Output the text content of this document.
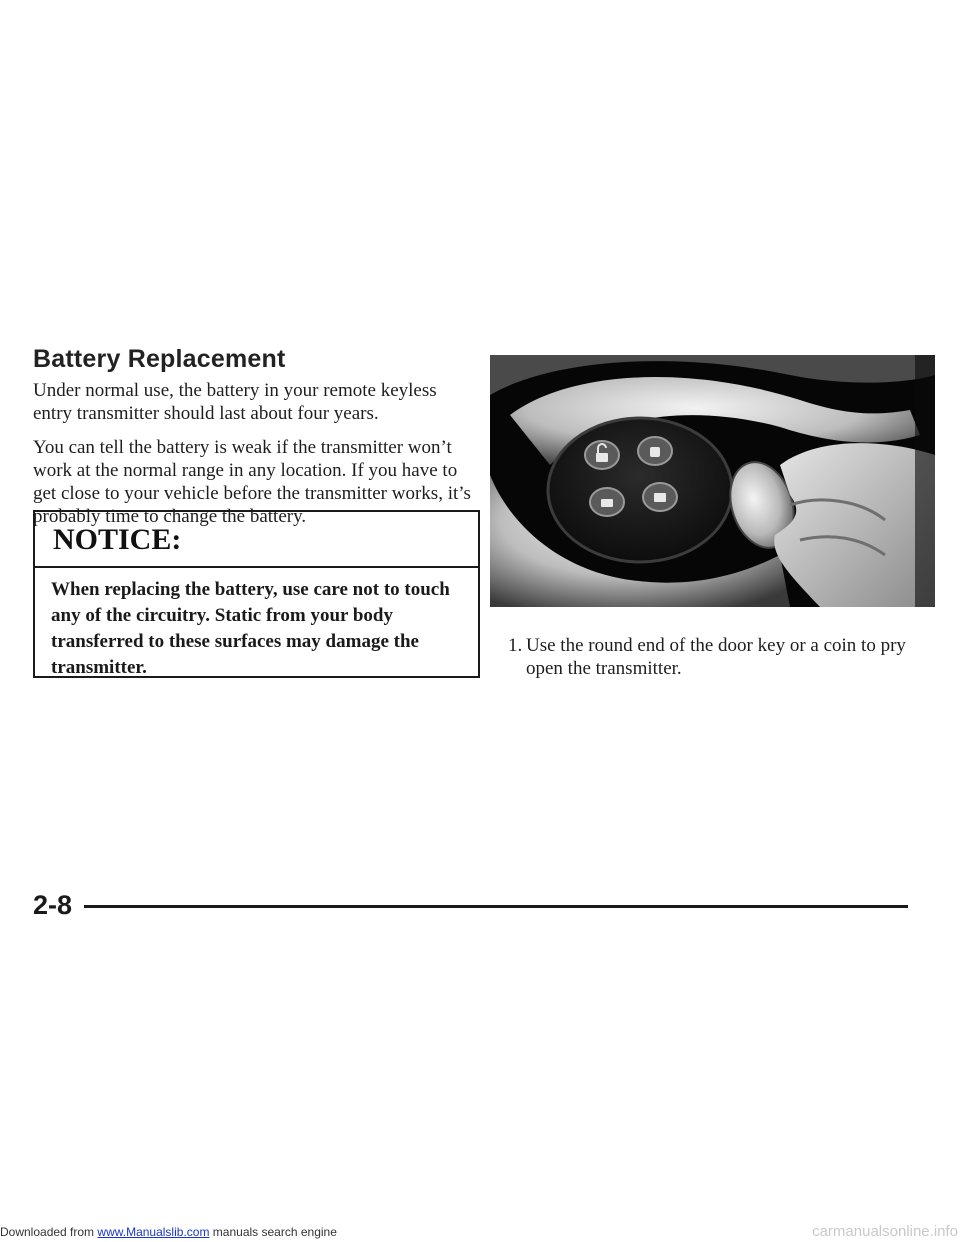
Battery Replacement
Under normal use, the battery in your remote keyless entry transmitter should last about four years.
You can tell the battery is weak if the transmitter won’t work at the normal range in any location. If you have to get close to your vehicle before the transmitter works, it’s probably time to change the battery.
NOTICE:
When replacing the battery, use care not to touch any of the circuitry. Static from your body transferred to these surfaces may damage the transmitter.
1. Use the round end of the door key or a coin to pry open the transmitter.
2-8
Downloaded from www.Manualslib.com manuals search engine	carmanualsonline.info
